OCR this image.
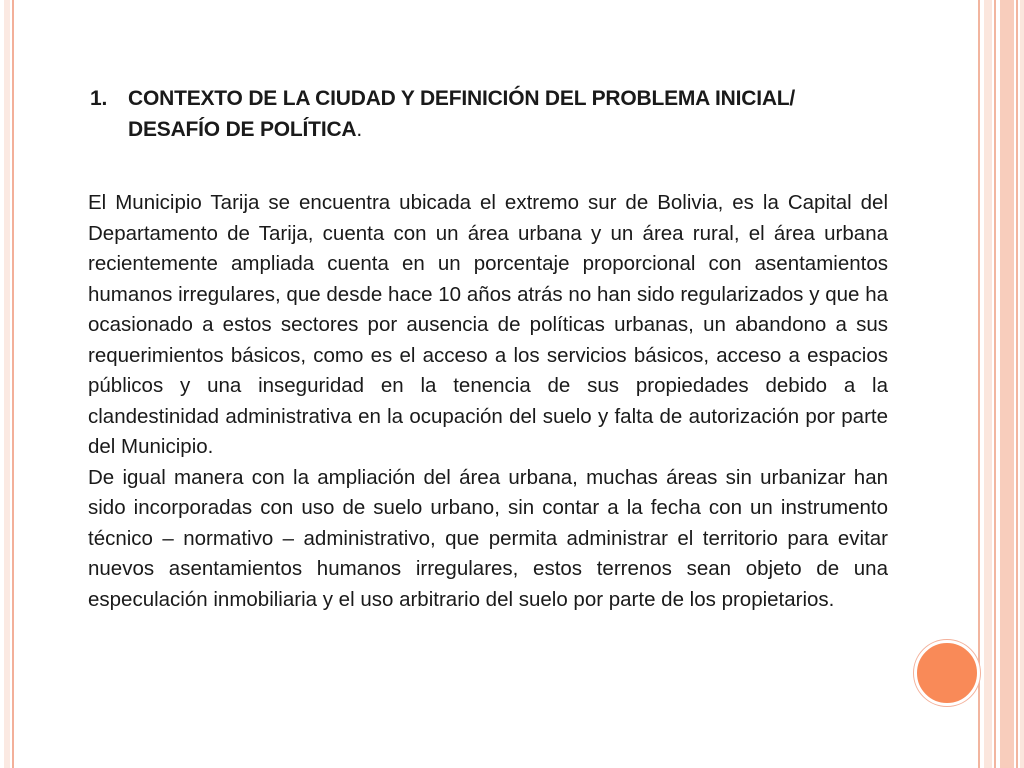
1. CONTEXTO DE LA CIUDAD Y DEFINICIÓN DEL PROBLEMA INICIAL/ DESAFÍO DE POLÍTICA.

El Municipio Tarija se encuentra ubicada el extremo sur de Bolivia, es la Capital del Departamento de Tarija, cuenta con un área urbana y un área rural, el área urbana recientemente ampliada cuenta en un porcentaje proporcional con asentamientos humanos irregulares, que desde hace 10 años atrás no han sido regularizados y que ha ocasionado a estos sectores por ausencia de políticas urbanas, un abandono a sus requerimientos básicos, como es el acceso a los servicios básicos, acceso a espacios públicos y una inseguridad en la tenencia de sus propiedades debido a la clandestinidad administrativa en la ocupación del suelo y falta de autorización por parte del Municipio.

De igual manera con la ampliación del área urbana, muchas áreas sin urbanizar han sido incorporadas con uso de suelo urbano, sin contar a la fecha con un instrumento técnico – normativo – administrativo, que permita administrar el territorio para evitar nuevos asentamientos humanos irregulares, estos terrenos sean objeto de una especulación inmobiliaria y el uso arbitrario del suelo por parte de los propietarios.
